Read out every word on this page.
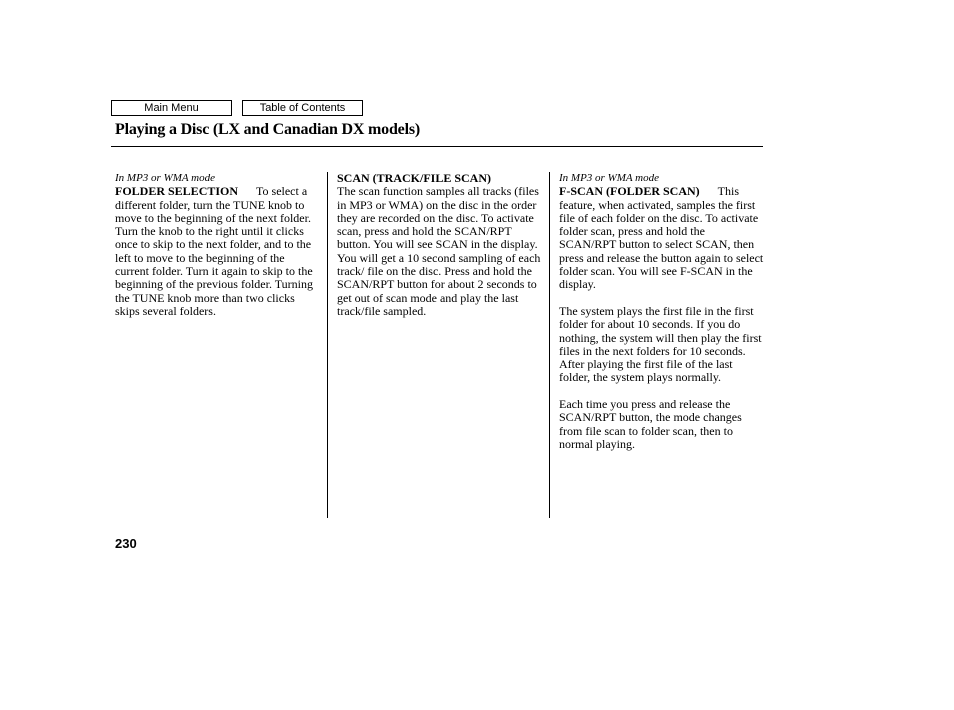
Main Menu	Table of Contents
Playing a Disc (LX and Canadian DX models)

In MP3 or WMA mode
FOLDER SELECTION To select a different folder, turn the TUNE knob to move to the beginning of the next folder. Turn the knob to the right until it clicks once to skip to the next folder, and to the left to move to the beginning of the current folder. Turn it again to skip to the beginning of the previous folder. Turning the TUNE knob more than two clicks skips several folders.

SCAN (TRACK/FILE SCAN)
The scan function samples all tracks (files in MP3 or WMA) on the disc in the order they are recorded on the disc. To activate scan, press and hold the SCAN/RPT button. You will see SCAN in the display. You will get a 10 second sampling of each track/ file on the disc. Press and hold the SCAN/RPT button for about 2 seconds to get out of scan mode and play the last track/file sampled.

In MP3 or WMA mode
F-SCAN (FOLDER SCAN) This feature, when activated, samples the first file of each folder on the disc. To activate folder scan, press and hold the SCAN/RPT button to select SCAN, then press and release the button again to select folder scan. You will see F-SCAN in the display.

The system plays the first file in the first folder for about 10 seconds. If you do nothing, the system will then play the first files in the next folders for 10 seconds. After playing the first file of the last folder, the system plays normally.

Each time you press and release the SCAN/RPT button, the mode changes from file scan to folder scan, then to normal playing.

230
